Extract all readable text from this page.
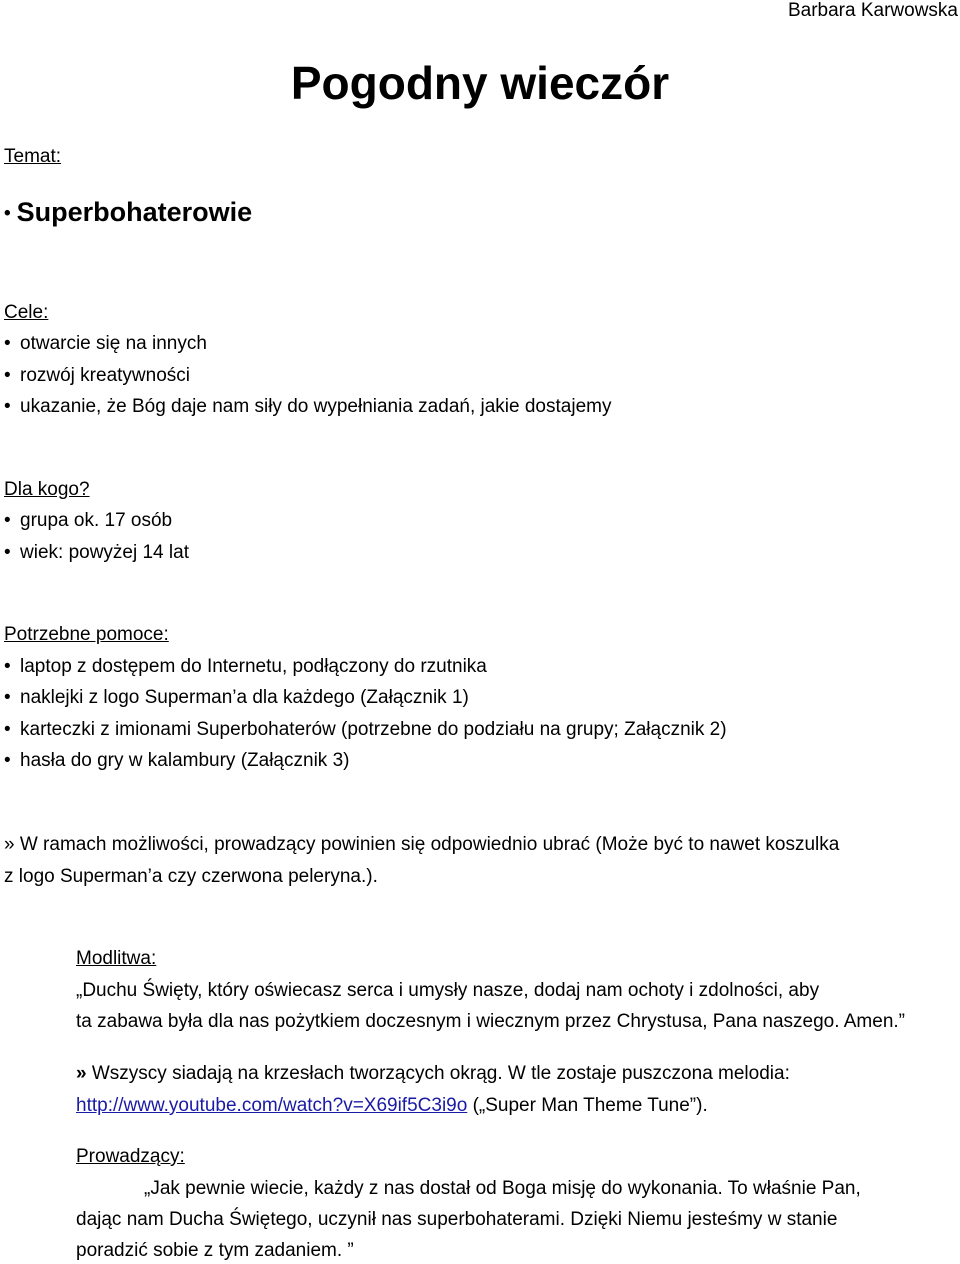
Barbara Karwowska
Pogodny wieczór
Temat:
• Superbohaterowie
Cele:
• otwarcie się na innych
• rozwój kreatywności
• ukazanie, że Bóg daje nam siły do wypełniania zadań, jakie dostajemy
Dla kogo?
• grupa ok. 17 osób
• wiek: powyżej 14 lat
Potrzebne pomoce:
• laptop z dostępem do Internetu, podłączony do rzutnika
• naklejki z logo Superman’a dla każdego (Załącznik 1)
• karteczki z imionami Superbohaterów (potrzebne do podziału na grupy; Załącznik 2)
• hasła do gry w kalambury (Załącznik 3)
» W ramach możliwości, prowadzący powinien się odpowiednio ubrać (Może być to nawet koszulka
z logo Superman’a czy czerwona peleryna.).
Modlitwa:
„Duchu Święty, który oświecasz serca i umysły nasze, dodaj nam ochoty i zdolności, aby
ta zabawa była dla nas pożytkiem doczesnym i wiecznym przez Chrystusa, Pana naszego. Amen.”
» Wszyscy siadają na krzesłach tworzących okrąg. W tle zostaje puszczona melodia:
http://www.youtube.com/watch?v=X69if5C3i9o („Super Man Theme Tune”).
Prowadzący:
„Jak pewnie wiecie, każdy z nas dostał od Boga misję do wykonania. To właśnie Pan,
dając nam Ducha Świętego, uczynił nas superbohaterami. Dzięki Niemu jesteśmy w stanie
poradzić sobie z tym zadaniem. ”
